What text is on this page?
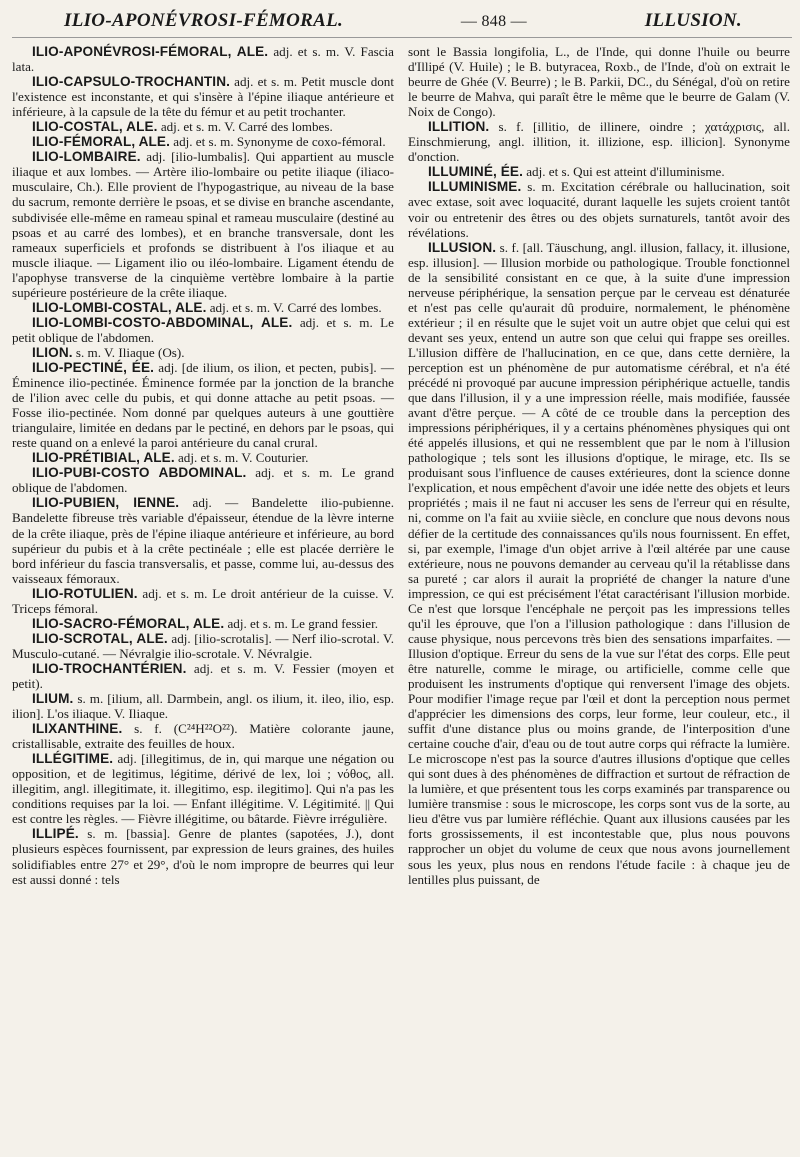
ILIO-APONÉVROSI-FÉMORAL.	— 848 —	ILLUSION.

ILIO-APONÉVROSI-FÉMORAL, ALE. adj. et s. m. V. Fascia lata.

ILIO-CAPSULO-TROCHANTIN. adj. et s. m. Petit muscle dont l'existence est inconstante, et qui s'insère à l'épine iliaque antérieure et inférieure, à la capsule de la tête du fémur et au petit trochanter.

ILIO-COSTAL, ALE. adj. et s. m. V. Carré des lombes.

ILIO-FÉMORAL, ALE. adj. et s. m. Synonyme de coxo-fémoral.

ILIO-LOMBAIRE. adj. [ilio-lumbalis]. Qui appartient au muscle iliaque et aux lombes. — Artère ilio-lombaire ou petite iliaque (iliaco-musculaire, Ch.). Elle provient de l'hypogastrique, au niveau de la base du sacrum, remonte derrière le psoas, et se divise en branche ascendante, subdivisée elle-même en rameau spinal et rameau musculaire (destiné au psoas et au carré des lombes), et en branche transversale, dont les rameaux superficiels et profonds se distribuent à l'os iliaque et au muscle iliaque. — Ligament ilio ou iléo-lombaire. Ligament étendu de l'apophyse transverse de la cinquième vertèbre lombaire à la partie supérieure postérieure de la crête iliaque.

ILIO-LOMBI-COSTAL, ALE. adj. et s. m. V. Carré des lombes.

ILIO-LOMBI-COSTO-ABDOMINAL, ALE. adj. et s. m. Le petit oblique de l'abdomen.

ILION. s. m. V. Iliaque (Os).

ILIO-PECTINÉ, ÉE. adj. [de ilium, os ilion, et pecten, pubis]. — Éminence ilio-pectinée. Éminence formée par la jonction de la branche de l'ilion avec celle du pubis, et qui donne attache au petit psoas. — Fosse ilio-pectinée. Nom donné par quelques auteurs à une gouttière triangulaire, limitée en dedans par le pectiné, en dehors par le psoas, qui reste quand on a enlevé la paroi antérieure du canal crural.

ILIO-PRÉTIBIAL, ALE. adj. et s. m. V. Couturier.

ILIO-PUBI-COSTO ABDOMINAL. adj. et s. m. Le grand oblique de l'abdomen.

ILIO-PUBIEN, IENNE. adj. — Bandelette ilio-pubienne. Bandelette fibreuse très variable d'épaisseur, étendue de la lèvre interne de la crête iliaque, près de l'épine iliaque antérieure et inférieure, au bord supérieur du pubis et à la crête pectinéale ; elle est placée derrière le bord inférieur du fascia transversalis, et passe, comme lui, au-dessus des vaisseaux fémoraux.

ILIO-ROTULIEN. adj. et s. m. Le droit antérieur de la cuisse. V. Triceps fémoral.

ILIO-SACRO-FÉMORAL, ALE. adj. et s. m. Le grand fessier.

ILIO-SCROTAL, ALE. adj. [ilio-scrotalis]. — Nerf ilio-scrotal. V. Musculo-cutané. — Névralgie ilio-scrotale. V. Névralgie.

ILIO-TROCHANTÉRIEN. adj. et s. m. V. Fessier (moyen et petit).

ILIUM. s. m. [ilium, all. Darmbein, angl. os ilium, it. ileo, ilio, esp. ilion]. L'os iliaque. V. Iliaque.

ILIXANTHINE. s. f. (C²⁴H²²O²²). Matière colorante jaune, cristallisable, extraite des feuilles de houx.

ILLÉGITIME. adj. [illegitimus, de in, qui marque une négation ou opposition, et de legitimus, légitime, dérivé de lex, loi ; νόθος, all. illegitim, angl. illegitimate, it. illegitimo, esp. ilegitimo]. Qui n'a pas les conditions requises par la loi. — Enfant illégitime. V. Légitimité. || Qui est contre les règles. — Fièvre illégitime, ou bâtarde. Fièvre irrégulière.

ILLIPÉ. s. m. [bassia]. Genre de plantes (sapotées, J.), dont plusieurs espèces fournissent, par expression de leurs graines, des huiles solidifiables entre 27° et 29°, d'où le nom impropre de beurres qui leur est aussi donné : tels

sont le Bassia longifolia, L., de l'Inde, qui donne l'huile ou beurre d'Illipé (V. Huile) ; le B. butyracea, Roxb., de l'Inde, d'où on extrait le beurre de Ghée (V. Beurre) ; le B. Parkii, DC., du Sénégal, d'où on retire le beurre de Mahva, qui paraît être le même que le beurre de Galam (V. Noix de Congo).

ILLITION. s. f. [illitio, de illinere, oindre ; χατάχρισις, all. Einschmierung, angl. illition, it. illizione, esp. illicion]. Synonyme d'onction.

ILLUMINÉ, ÉE. adj. et s. Qui est atteint d'illuminisme.

ILLUMINISME. s. m. Excitation cérébrale ou hallucination, soit avec extase, soit avec loquacité, durant laquelle les sujets croient tantôt voir ou entretenir des êtres ou des objets surnaturels, tantôt avoir des révélations.

ILLUSION. s. f. [all. Täuschung, angl. illusion, fallacy, it. illusione, esp. illusion]. — Illusion morbide ou pathologique. Trouble fonctionnel de la sensibilité consistant en ce que, à la suite d'une impression nerveuse périphérique, la sensation perçue par le cerveau est dénaturée et n'est pas celle qu'aurait dû produire, normalement, le phénomène extérieur ; il en résulte que le sujet voit un autre objet que celui qui est devant ses yeux, entend un autre son que celui qui frappe ses oreilles. L'illusion diffère de l'hallucination, en ce que, dans cette dernière, la perception est un phénomène de pur automatisme cérébral, et n'a été précédé ni provoqué par aucune impression périphérique actuelle, tandis que dans l'illusion, il y a une impression réelle, mais modifiée, faussée avant d'être perçue. — A côté de ce trouble dans la perception des impressions périphériques, il y a certains phénomènes physiques qui ont été appelés illusions, et qui ne ressemblent que par le nom à l'illusion pathologique ; tels sont les illusions d'optique, le mirage, etc. Ils se produisant sous l'influence de causes extérieures, dont la science donne l'explication, et nous empêchent d'avoir une idée nette des objets et leurs propriétés ; mais il ne faut ni accuser les sens de l'erreur qui en résulte, ni, comme on l'a fait au xviiie siècle, en conclure que nous devons nous défier de la certitude des connaissances qu'ils nous fournissent. En effet, si, par exemple, l'image d'un objet arrive à l'œil altérée par une cause extérieure, nous ne pouvons demander au cerveau qu'il la rétablisse dans sa pureté ; car alors il aurait la propriété de changer la nature d'une impression, ce qui est précisément l'état caractérisant l'illusion morbide. Ce n'est que lorsque l'encéphale ne perçoit pas les impressions telles qu'il les éprouve, que l'on a l'illusion pathologique : dans l'illusion de cause physique, nous percevons très bien des sensations imparfaites. — Illusion d'optique. Erreur du sens de la vue sur l'état des corps. Elle peut être naturelle, comme le mirage, ou artificielle, comme celle que produisent les instruments d'optique qui renversent l'image des objets. Pour modifier l'image reçue par l'œil et dont la perception nous permet d'apprécier les dimensions des corps, leur forme, leur couleur, etc., il suffit d'une distance plus ou moins grande, de l'interposition d'une certaine couche d'air, d'eau ou de tout autre corps qui réfracte la lumière. Le microscope n'est pas la source d'autres illusions d'optique que celles qui sont dues à des phénomènes de diffraction et surtout de réfraction de la lumière, et que présentent tous les corps examinés par transparence ou lumière transmise : sous le microscope, les corps sont vus de la sorte, au lieu d'être vus par lumière réfléchie. Quant aux illusions causées par les forts grossissements, il est incontestable que, plus nous pouvons rapprocher un objet du volume de ceux que nous avons journellement sous les yeux, plus nous en rendons l'étude facile : à chaque jeu de lentilles plus puissant, de
